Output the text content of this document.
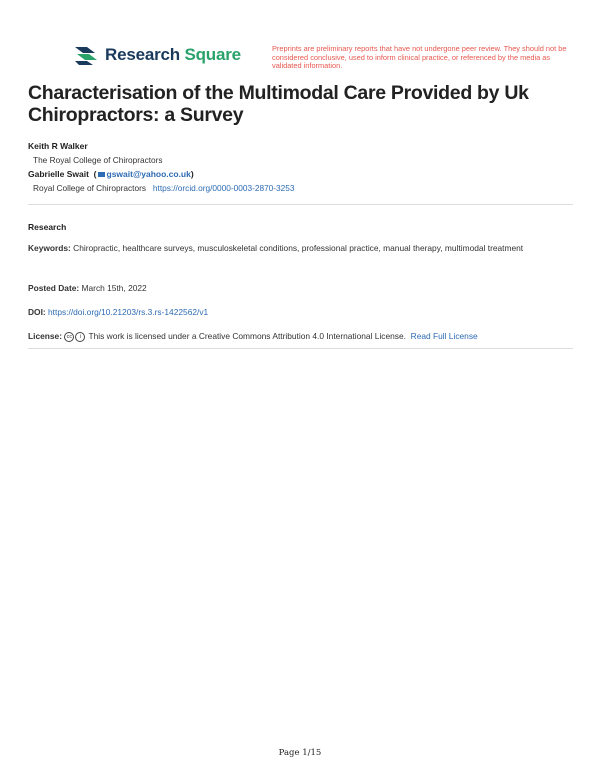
Research Square	Preprints are preliminary reports that have not undergone peer review. They should not be considered conclusive, used to inform clinical practice, or referenced by the media as validated information.
Characterisation of the Multimodal Care Provided by Uk Chiropractors: a Survey
Keith R Walker
The Royal College of Chiropractors
Gabrielle Swait  ( gswait@yahoo.co.uk)
Royal College of Chiropractors https://orcid.org/0000-0003-2870-3253
Research
Keywords: Chiropractic, healthcare surveys, musculoskeletal conditions, professional practice, manual therapy, multimodal treatment
Posted Date: March 15th, 2022
DOI: https://doi.org/10.21203/rs.3.rs-1422562/v1
License: cc i This work is licensed under a Creative Commons Attribution 4.0 International License. Read Full License
Page 1/15
